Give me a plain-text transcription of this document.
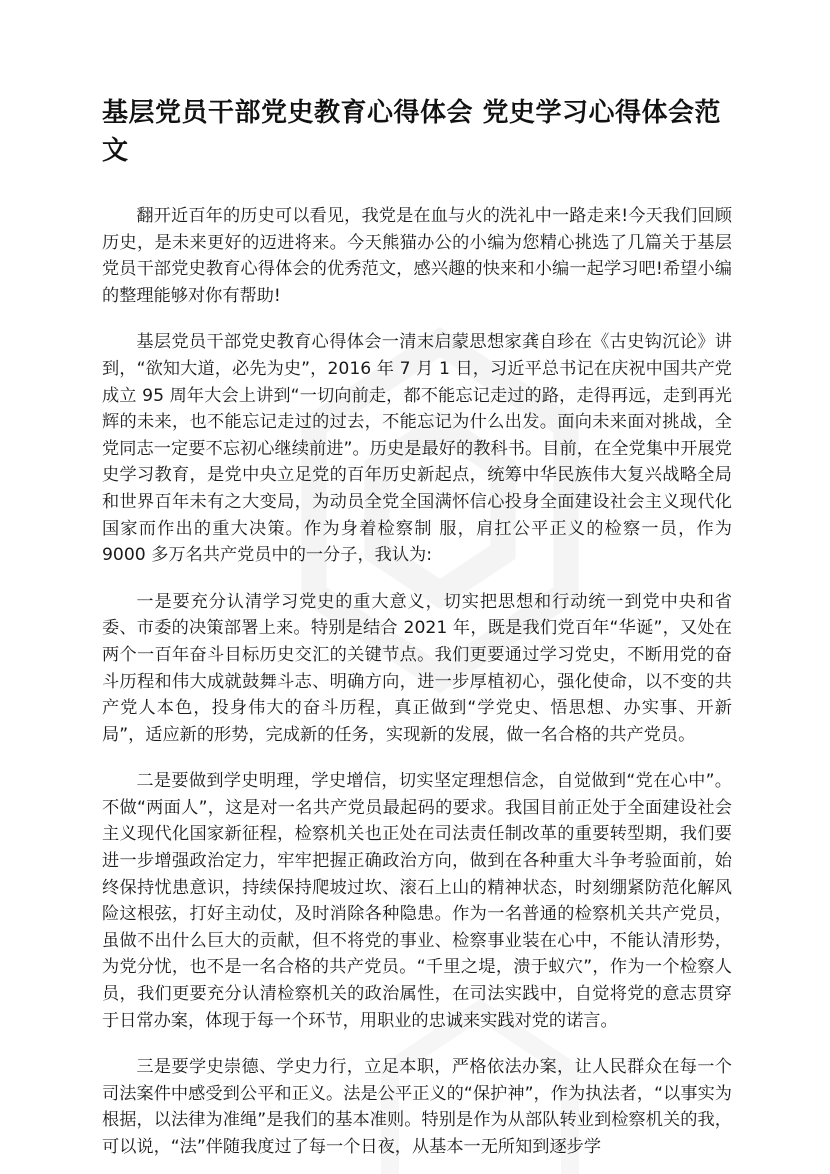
基层党员干部党史教育心得体会 党史学习心得体会范文

翻开近百年的历史可以看见，我党是在血与火的洗礼中一路走来!今天我们回顾历史，是未来更好的迈进将来。今天熊猫办公的小编为您精心挑选了几篇关于基层党员干部党史教育心得体会的优秀范文，感兴趣的快来和小编一起学习吧!希望小编的整理能够对你有帮助!

基层党员干部党史教育心得体会一清末启蒙思想家龚自珍在《古史钩沉论》讲到，“欲知大道，必先为史”，2016 年 7 月 1 日，习近平总书记在庆祝中国共产党成立 95 周年大会上讲到“一切向前走，都不能忘记走过的路，走得再远，走到再光辉的未来，也不能忘记走过的过去，不能忘记为什么出发。面向未来面对挑战，全党同志一定要不忘初心继续前进”。历史是最好的教科书。目前，在全党集中开展党史学习教育，是党中央立足党的百年历史新起点，统筹中华民族伟大复兴战略全局和世界百年未有之大变局，为动员全党全国满怀信心投身全面建设社会主义现代化国家而作出的重大决策。作为身着检察制 服，肩扛公平正义的检察一员，作为 9000 多万名共产党员中的一分子，我认为:

一是要充分认清学习党史的重大意义，切实把思想和行动统一到党中央和省委、市委的决策部署上来。特别是结合 2021 年，既是我们党百年“华诞”，又处在两个一百年奋斗目标历史交汇的关键节点。我们更要通过学习党史，不断用党的奋斗历程和伟大成就鼓舞斗志、明确方向，进一步厚植初心，强化使命，以不变的共产党人本色，投身伟大的奋斗历程，真正做到“学党史、悟思想、办实事、开新局”，适应新的形势，完成新的任务，实现新的发展，做一名合格的共产党员。

二是要做到学史明理，学史增信，切实坚定理想信念，自觉做到“党在心中”。不做“两面人”，这是对一名共产党员最起码的要求。我国目前正处于全面建设社会主义现代化国家新征程，检察机关也正处在司法责任制改革的重要转型期，我们要进一步增强政治定力，牢牢把握正确政治方向，做到在各种重大斗争考验面前，始终保持忧患意识，持续保持爬坡过坎、滚石上山的精神状态，时刻绷紧防范化解风险这根弦，打好主动仗，及时消除各种隐患。作为一名普通的检察机关共产党员，虽做不出什么巨大的贡献，但不将党的事业、检察事业装在心中，不能认清形势，为党分忧，也不是一名合格的共产党员。“千里之堤，溃于蚁穴”，作为一个检察人员，我们更要充分认清检察机关的政治属性，在司法实践中，自觉将党的意志贯穿于日常办案，体现于每一个环节，用职业的忠诚来实践对党的诺言。

三是要学史崇德、学史力行，立足本职，严格依法办案，让人民群众在每一个司法案件中感受到公平和正义。法是公平正义的“保护神”，作为执法者，“以事实为根据，以法律为准绳”是我们的基本准则。特别是作为从部队转业到检察机关的我，可以说，“法”伴随我度过了每一个日夜，从基本一无所知到逐步学
